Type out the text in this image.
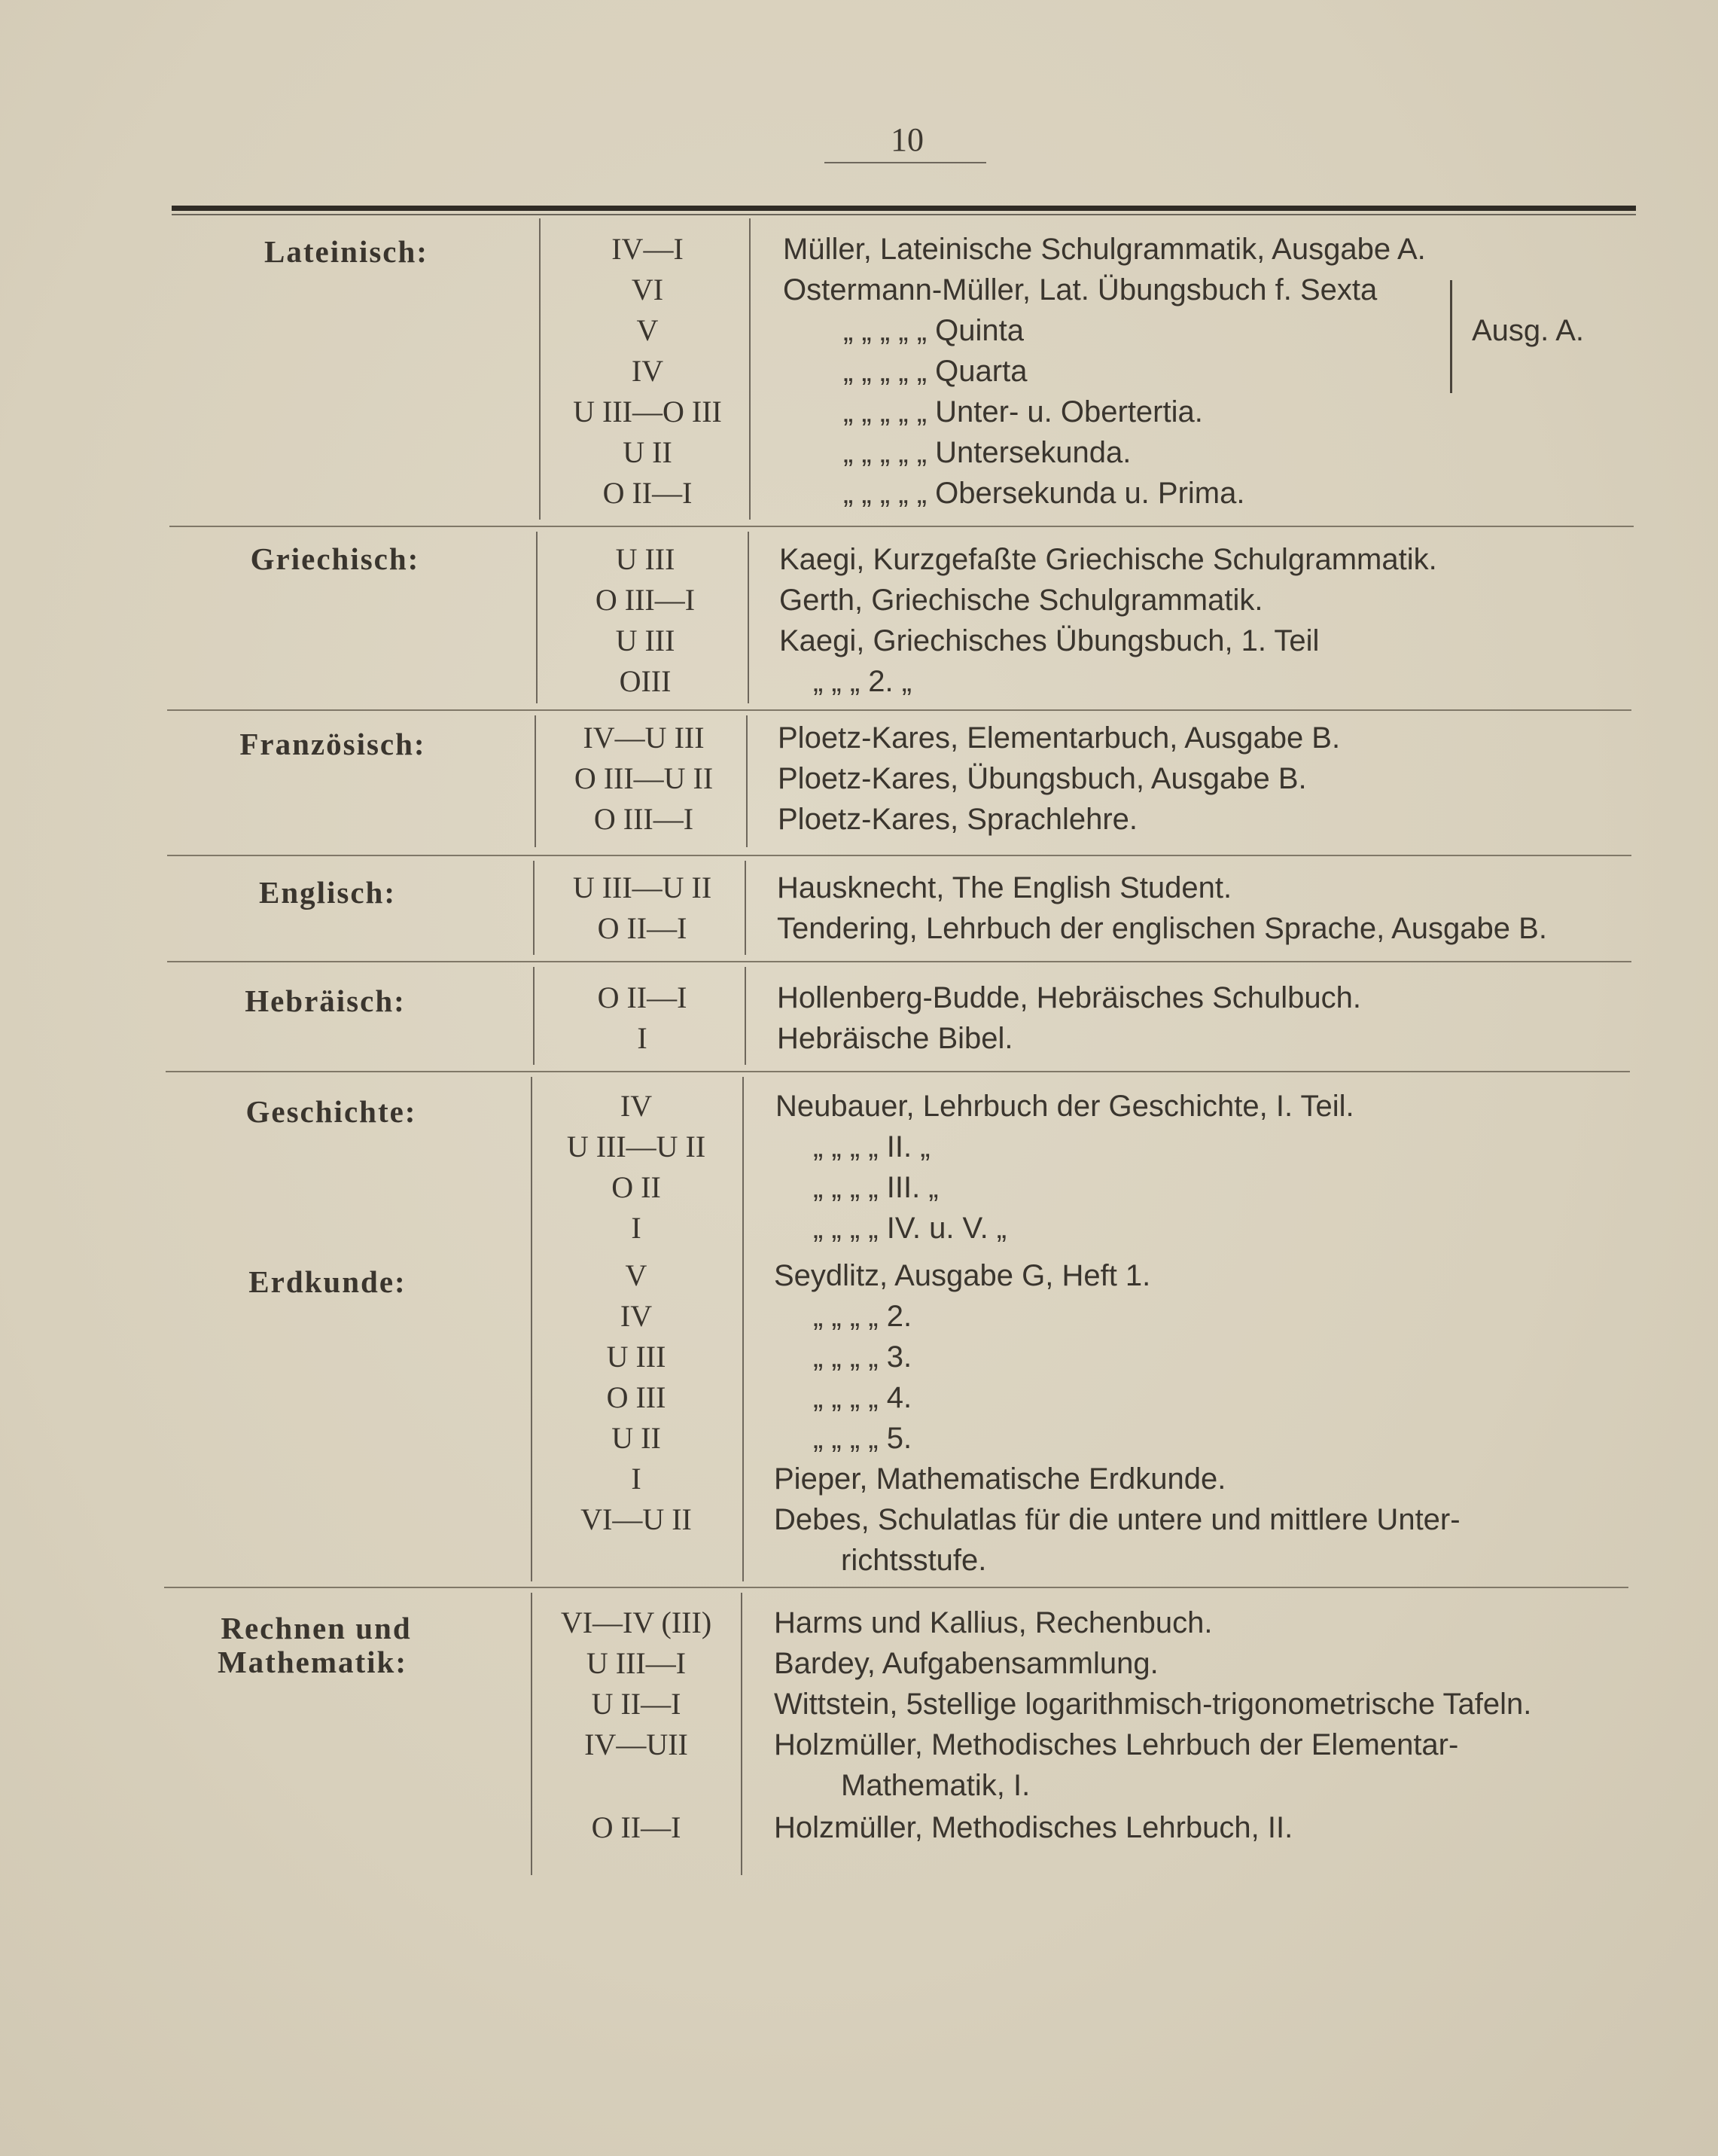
10
Lateinisch:	IV—I	Müller, Lateinische Schulgrammatik, Ausgabe A.
VI	Ostermann-Müller, Lat. Übungsbuch f. Sexta
V	„ „ „ „ „ Quinta
IV	„ „ „ „ „ Quarta
Ausg. A.
U III—O III	„ „ „ „ „ Unter- u. Obertertia.
U II	„ „ „ „ „ Untersekunda.
O II—I	„ „ „ „ „ Obersekunda u. Prima.
Griechisch:	U III	Kaegi, Kurzgefaßte Griechische Schulgrammatik.
O III—I	Gerth, Griechische Schulgrammatik.
U III	Kaegi, Griechisches Übungsbuch, 1. Teil
OIII	„ „ „ 2. „
Französisch:	IV—U III	Ploetz-Kares, Elementarbuch, Ausgabe B.
O III—U II	Ploetz-Kares, Übungsbuch, Ausgabe B.
O III—I	Ploetz-Kares, Sprachlehre.
Englisch:	U III—U II	Hausknecht, The English Student.
O II—I	Tendering, Lehrbuch der englischen Sprache, Ausgabe B.
Hebräisch:	O II—I	Hollenberg-Budde, Hebräisches Schulbuch.
I	Hebräische Bibel.
Geschichte:	IV	Neubauer, Lehrbuch der Geschichte, I. Teil.
U III—U II	„ „ „ „ II. „
O II	„ „ „ „ III. „
I	„ „ „ „ IV. u. V. „
Erdkunde:	V	Seydlitz, Ausgabe G, Heft 1.
IV	„ „ „ „ 2.
U III	„ „ „ „ 3.
O III	„ „ „ „ 4.
U II	„ „ „ „ 5.
I	Pieper, Mathematische Erdkunde.
VI—U II	Debes, Schulatlas für die untere und mittlere Unter-
richtsstufe.
Rechnen und
Mathematik:
VI—IV (III)	Harms und Kallius, Rechenbuch.
U III—I	Bardey, Aufgabensammlung.
U II—I	Wittstein, 5stellige logarithmisch-trigonometrische Tafeln.
IV—UII	Holzmüller, Methodisches Lehrbuch der Elementar-
Mathematik, I.
O II—I	Holzmüller, Methodisches Lehrbuch, II.
